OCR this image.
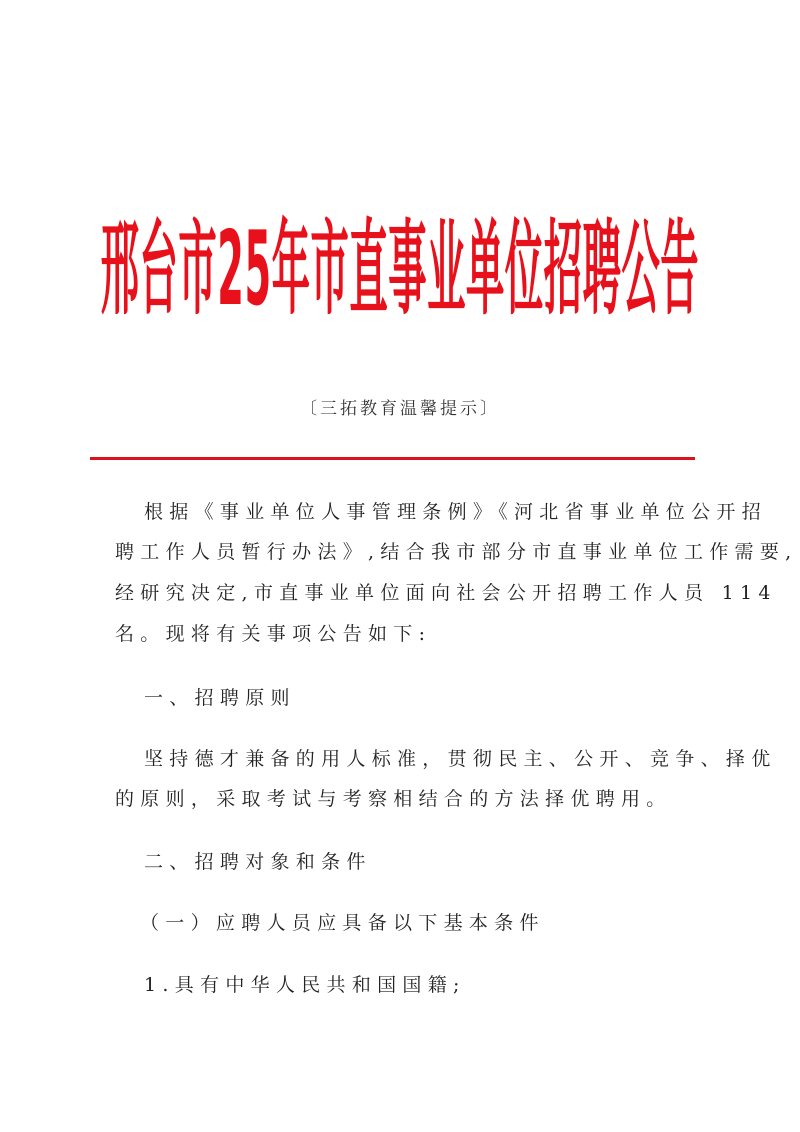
邢台市25年市直事业单位招聘公告
〔三拓教育温馨提示〕
根据《事业单位人事管理条例》《河北省事业单位公开招
聘工作人员暂行办法》,结合我市部分市直事业单位工作需要,
经研究决定,市直事业单位面向社会公开招聘工作人员 114
名。现将有关事项公告如下:
一、招聘原则
坚持德才兼备的用人标准，贯彻民主、公开、竞争、择优
的原则，采取考试与考察相结合的方法择优聘用。
二、招聘对象和条件
（一）应聘人员应具备以下基本条件
1.具有中华人民共和国国籍;
